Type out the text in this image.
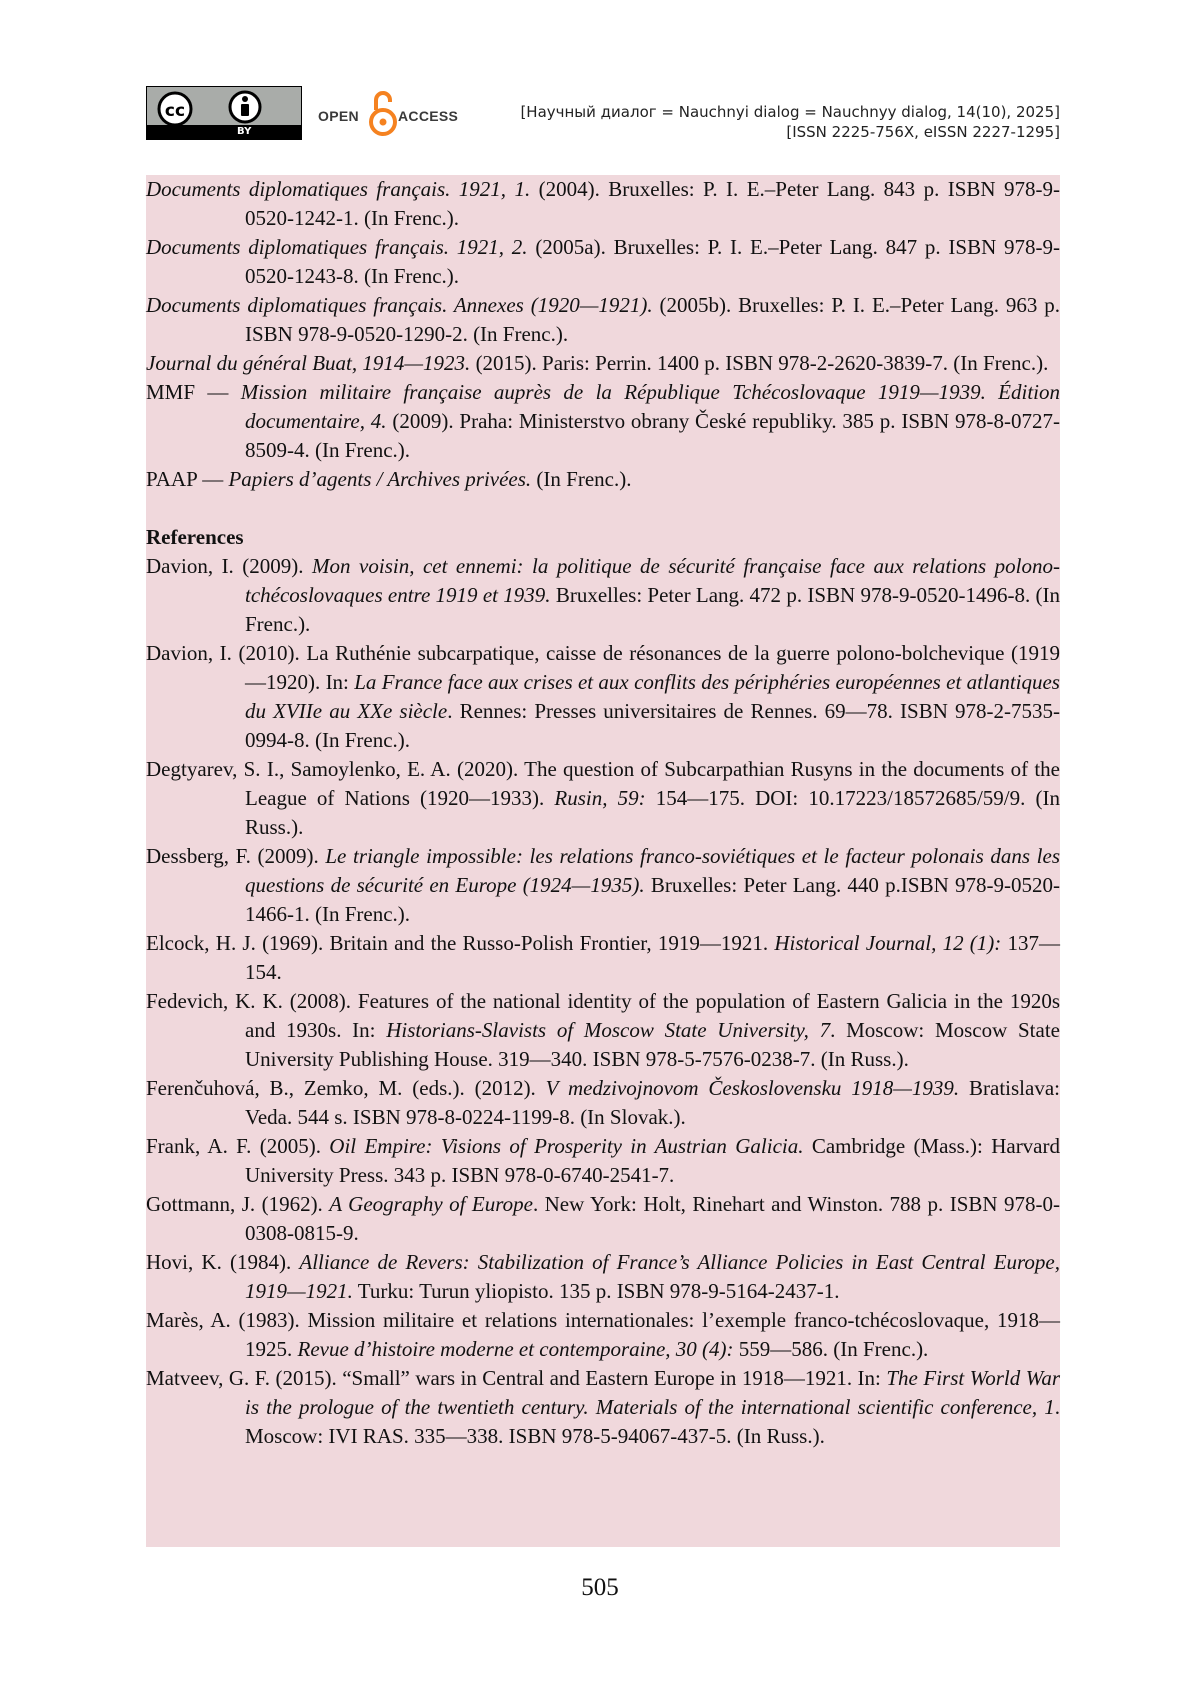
cc
BY
OPEN	ACCESS	[Научный диалог = Nauchnyi dialog = Nauchnyy dialog, 14(10), 2025]
[ISSN 2225-756X, eISSN 2227-1295]

Documents diplomatiques français. 1921, 1. (2004). Bruxelles: P. I. E.–Peter Lang. 843 p. ISBN 978-9-0520-1242-1. (In Frenc.).

Documents diplomatiques français. 1921, 2. (2005a). Bruxelles: P. I. E.–Peter Lang. 847 p. ISBN 978-9-0520-1243-8. (In Frenc.).

Documents diplomatiques français. Annexes (1920—1921). (2005b). Bruxelles: P. I. E.–Peter Lang. 963 p. ISBN 978-9-0520-1290-2. (In Frenc.).

Journal du général Buat, 1914—1923. (2015). Paris: Perrin. 1400 p. ISBN 978-2-2620-3839-7. (In Frenc.).

MMF — Mission militaire française auprès de la République Tchécoslovaque 1919—1939. Édition documentaire, 4. (2009). Praha: Ministerstvo obrany České republiky. 385 p. ISBN 978-8-0727-8509-4. (In Frenc.).

PAAP — Papiers d’agents / Archives privées. (In Frenc.).

References

Davion, I. (2009). Mon voisin, cet ennemi: la politique de sécurité française face aux relations polono-tchécoslovaques entre 1919 et 1939. Bruxelles: Peter Lang. 472 p. ISBN 978-9-0520-1496-8. (In Frenc.).

Davion, I. (2010). La Ruthénie subcarpatique, caisse de résonances de la guerre polono-bolchevique (1919—1920). In: La France face aux crises et aux conflits des périphéries européennes et atlantiques du XVIIe au XXe siècle. Rennes: Presses universitaires de Rennes. 69—78. ISBN 978-2-7535-0994-8. (In Frenc.).

Degtyarev, S. I., Samoylenko, E. A. (2020). The question of Subcarpathian Rusyns in the documents of the League of Nations (1920—1933). Rusin, 59: 154—175. DOI: 10.17223/18572685/59/9. (In Russ.).

Dessberg, F. (2009). Le triangle impossible: les relations franco-soviétiques et le facteur polonais dans les questions de sécurité en Europe (1924—1935). Bruxelles: Peter Lang. 440 p.ISBN 978-9-0520-1466-1. (In Frenc.).

Elcock, H. J. (1969). Britain and the Russo-Polish Frontier, 1919—1921. Historical Journal, 12 (1): 137—154.

Fedevich, K. K. (2008). Features of the national identity of the population of Eastern Galicia in the 1920s and 1930s. In: Historians-Slavists of Moscow State University, 7. Moscow: Moscow State University Publishing House. 319—340. ISBN 978-5-7576-0238-7. (In Russ.).

Ferenčuhová, B., Zemko, M. (eds.). (2012). V medzivojnovom Československu 1918—1939. Bratislava: Veda. 544 s. ISBN 978-8-0224-1199-8. (In Slovak.).

Frank, A. F. (2005). Oil Empire: Visions of Prosperity in Austrian Galicia. Cambridge (Mass.): Harvard University Press. 343 p. ISBN 978-0-6740-2541-7.

Gottmann, J. (1962). A Geography of Europe. New York: Holt, Rinehart and Winston. 788 p. ISBN 978-0-0308-0815-9.

Hovi, K. (1984). Alliance de Revers: Stabilization of France’s Alliance Policies in East Central Europe, 1919—1921. Turku: Turun yliopisto. 135 p. ISBN 978-9-5164-2437-1.

Marès, A. (1983). Mission militaire et relations internationales: l’exemple franco-tchécoslovaque, 1918—1925. Revue d’histoire moderne et contemporaine, 30 (4): 559—586. (In Frenc.).

Matveev, G. F. (2015). “Small” wars in Central and Eastern Europe in 1918—1921. In: The First World War is the prologue of the twentieth century. Materials of the international scientific conference, 1. Moscow: IVI RAS. 335—338. ISBN 978-5-94067-437-5. (In Russ.).

505
